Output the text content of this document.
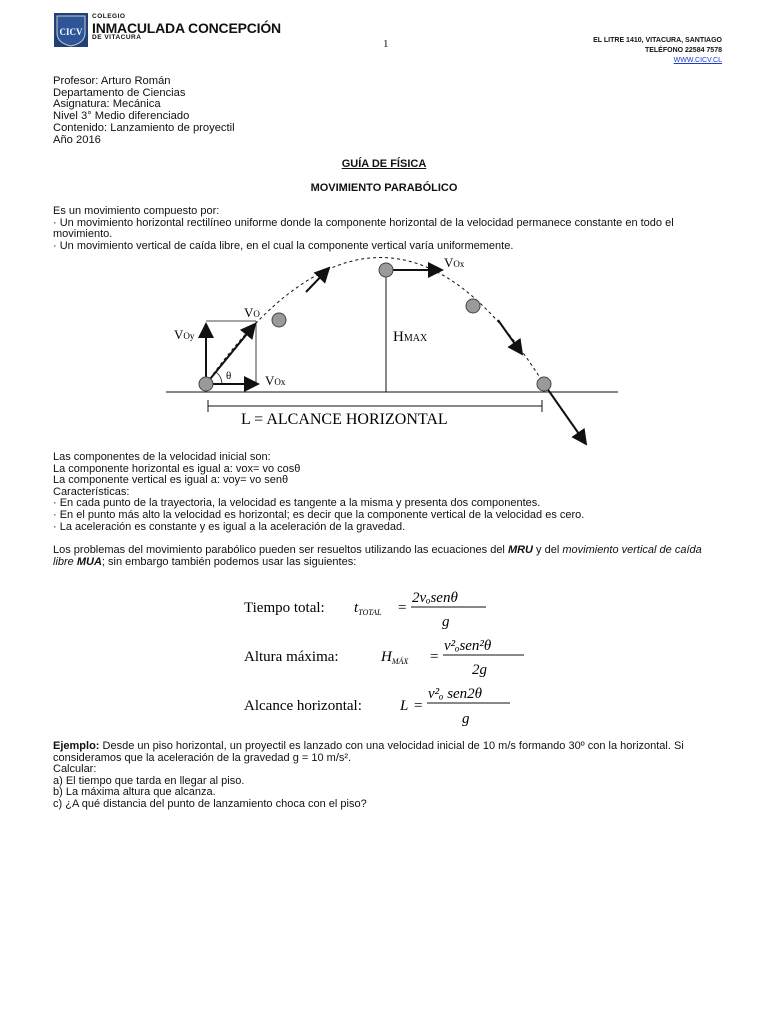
CICV
COLEGIO
INMACULADA CONCEPCIÓN
DE VITACURA
1	EL LITRE 1410, VITACURA, SANTIAGO
TELÉFONO 22584 7578
WWW.CICV.CL
Profesor: Arturo Román
Departamento de Ciencias
Asignatura: Mecánica
Nivel 3° Medio diferenciado
Contenido: Lanzamiento de proyectil
Año 2016
GUÍA DE FÍSICA
MOVIMIENTO PARABÓLICO
Es un movimiento compuesto por:
· Un movimiento horizontal rectilíneo uniforme donde la componente horizontal de la velocidad permanece constante en todo el movimiento.
· Un movimiento vertical de caída libre, en el cual la componente vertical varía uniformemente.
VOx
VO
VOy	HMAX
VOx
θ
L = ALCANCE HORIZONTAL
Las componentes de la velocidad inicial son:
La componente horizontal es igual a: vox= vo cosθ
La componente vertical es igual a: voy= vo senθ
Características:
· En cada punto de la trayectoria, la velocidad es tangente a la misma y presenta dos componentes.
· En el punto más alto la velocidad es horizontal; es decir que la componente vertical de la velocidad es cero.
· La aceleración es constante y es igual a la aceleración de la gravedad.
Los problemas del movimiento parabólico pueden ser resueltos utilizando las ecuaciones del MRU y del movimiento vertical de caída libre MUA; sin embargo también podemos usar las siguientes:
Tiempo total: $t_{TOTAL}$ =
2vₒsenθ
g
Altura máxima:	$H_{MÁX}$ =
v²ₒsen²θ
2g
Alcance horizontal:	L =
v²ₒ sen2θ
g
Ejemplo: Desde un piso horizontal, un proyectil es lanzado con una velocidad inicial de 10 m/s formando 30º con la horizontal. Si consideramos que la aceleración de la gravedad g = 10 m/s².
Calcular:
a) El tiempo que tarda en llegar al piso.
b) La máxima altura que alcanza.
c) ¿A qué distancia del punto de lanzamiento choca con el piso?
